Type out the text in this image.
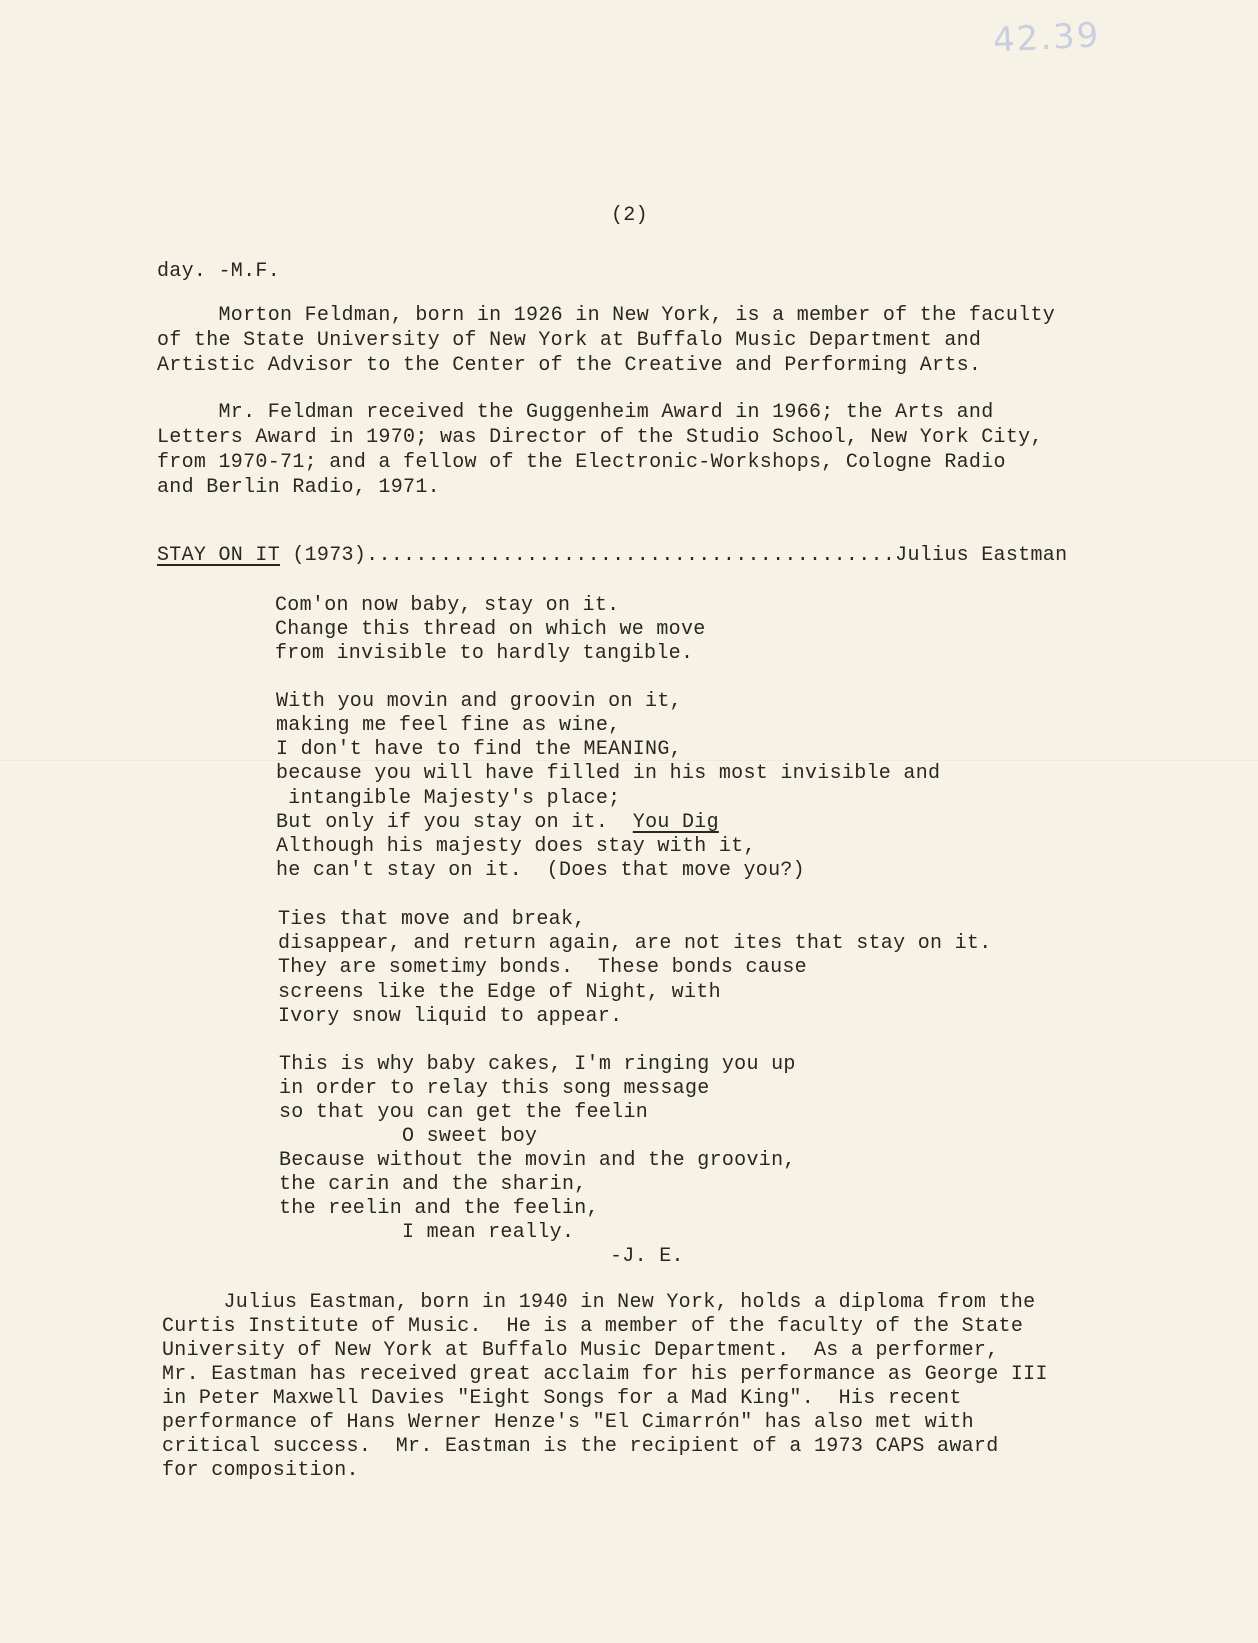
42.39
(2)
day. -M.F.
Morton Feldman, born in 1926 in New York, is a member of the faculty
of the State University of New York at Buffalo Music Department and
Artistic Advisor to the Center of the Creative and Performing Arts.
Mr. Feldman received the Guggenheim Award in 1966; the Arts and
Letters Award in 1970; was Director of the Studio School, New York City,
from 1970-71; and a fellow of the Electronic-Workshops, Cologne Radio
and Berlin Radio, 1971.
STAY ON IT (1973)...........................................Julius Eastman
Com'on now baby, stay on it.
Change this thread on which we move
from invisible to hardly tangible.
With you movin and groovin on it,
making me feel fine as wine,
I don't have to find the MEANING,
because you will have filled in his most invisible and
intangible Majesty's place;
But only if you stay on it.  You Dig
Although his majesty does stay with it,
he can't stay on it.  (Does that move you?)
Ties that move and break,
disappear, and return again, are not ites that stay on it.
They are sometimy bonds.  These bonds cause
screens like the Edge of Night, with
Ivory snow liquid to appear.
This is why baby cakes, I'm ringing you up
in order to relay this song message
so that you can get the feelin
O sweet boy
Because without the movin and the groovin,
the carin and the sharin,
the reelin and the feelin,
I mean really.
-J. E.
Julius Eastman, born in 1940 in New York, holds a diploma from the
Curtis Institute of Music.  He is a member of the faculty of the State
University of New York at Buffalo Music Department.  As a performer,
Mr. Eastman has received great acclaim for his performance as George III
in Peter Maxwell Davies "Eight Songs for a Mad King".  His recent
performance of Hans Werner Henze's "El Cimarrón" has also met with
critical success.  Mr. Eastman is the recipient of a 1973 CAPS award
for composition.
